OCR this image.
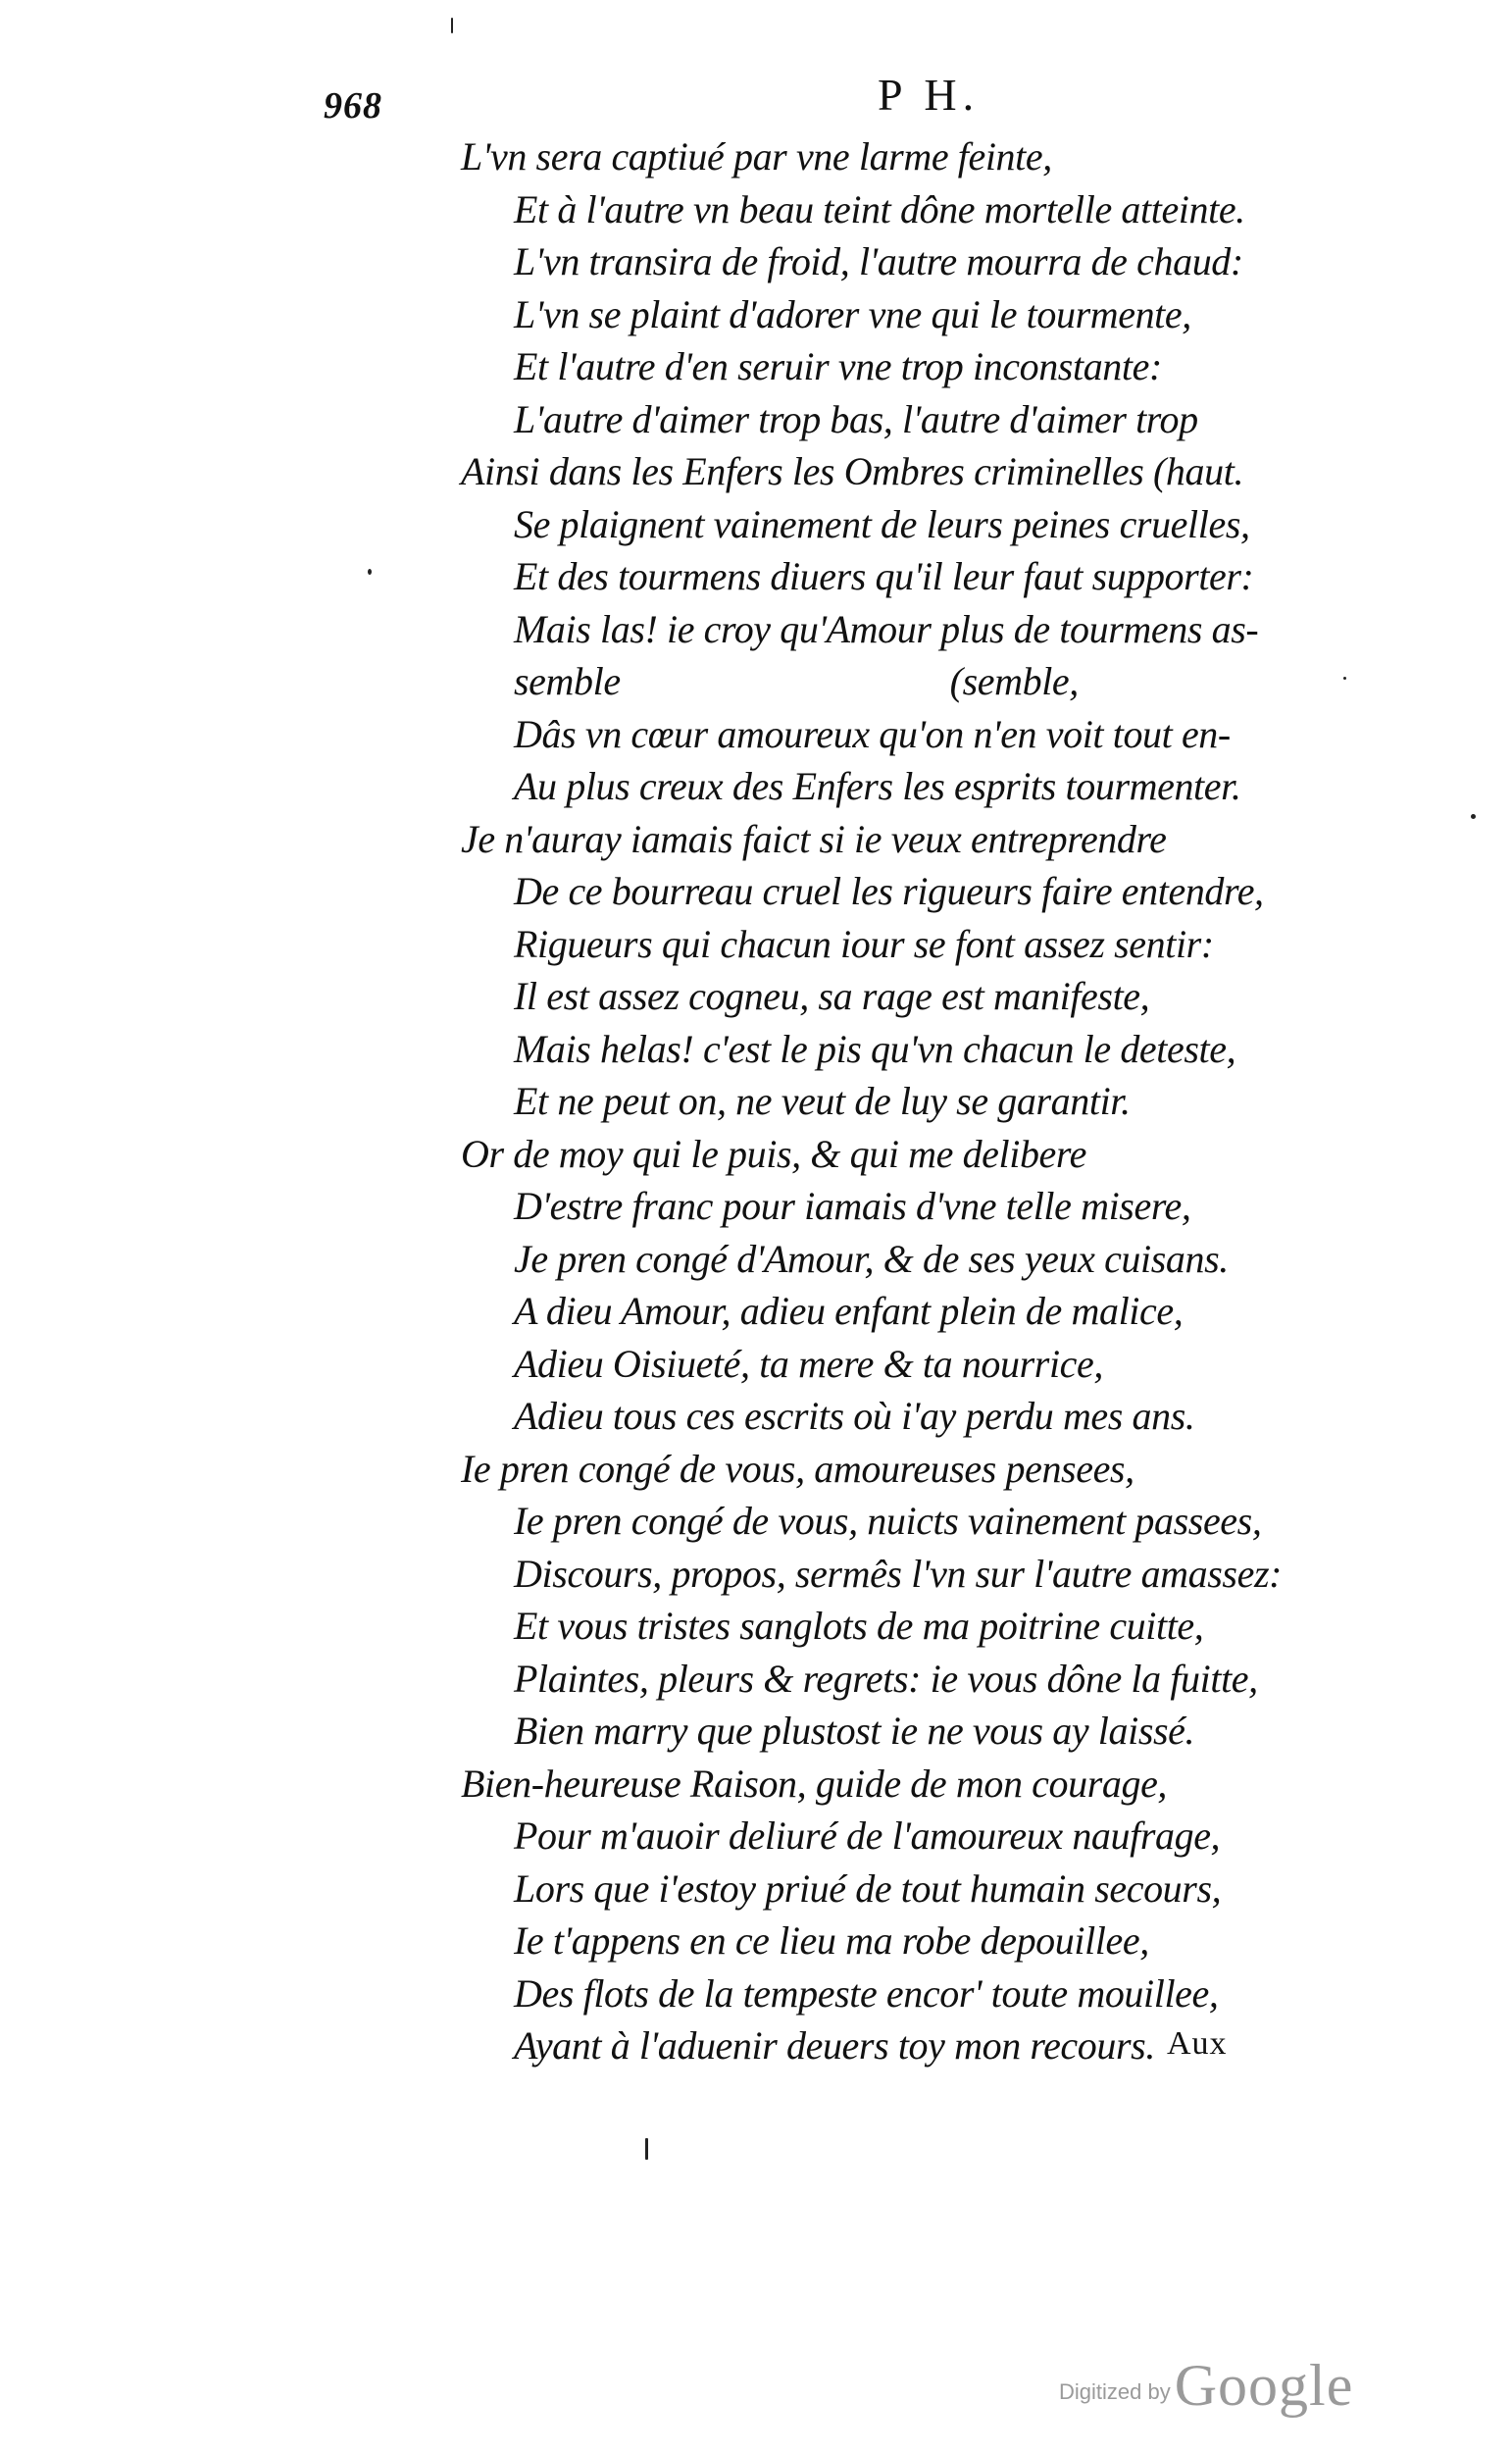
968	P H.
L'vn sera captiué par vne larme feinte,
Et à l'autre vn beau teint dône mortelle atteinte.
L'vn transira de froid, l'autre mourra de chaud:
L'vn se plaint d'adorer vne qui le tourmente,
Et l'autre d'en seruir vne trop inconstante:
L'autre d'aimer trop bas, l'autre d'aimer trop
Ainsi dans les Enfers les Ombres criminelles (haut.
Se plaignent vainement de leurs peines cruelles,
Et des tourmens diuers qu'il leur faut supporter:
Mais las! ie croy qu'Amour plus de tourmens as-
semble                                   (semble,
Dâs vn cœur amoureux qu'on n'en voit tout en-
Au plus creux des Enfers les esprits tourmenter.
Je n'auray iamais faict si ie veux entreprendre
De ce bourreau cruel les rigueurs faire entendre,
Rigueurs qui chacun iour se font assez sentir:
Il est assez cogneu, sa rage est manifeste,
Mais helas! c'est le pis qu'vn chacun le deteste,
Et ne peut on, ne veut de luy se garantir.
Or de moy qui le puis, & qui me delibere
D'estre franc pour iamais d'vne telle misere,
Je pren congé d'Amour, & de ses yeux cuisans.
A dieu Amour, adieu enfant plein de malice,
Adieu Oisiueté, ta mere & ta nourrice,
Adieu tous ces escrits où i'ay perdu mes ans.
Ie pren congé de vous, amoureuses pensees,
Ie pren congé de vous, nuicts vainement passees,
Discours, propos, sermês l'vn sur l'autre amassez:
Et vous tristes sanglots de ma poitrine cuitte,
Plaintes, pleurs & regrets: ie vous dône la fuitte,
Bien marry que plustost ie ne vous ay laissé.
Bien-heureuse Raison, guide de mon courage,
Pour m'auoir deliuré de l'amoureux naufrage,
Lors que i'estoy priué de tout humain secours,
Ie t'appens en ce lieu ma robe depouillee,
Des flots de la tempeste encor' toute mouillee,
Ayant à l'aduenir deuers toy mon recours. Aux
Digitized by Google
